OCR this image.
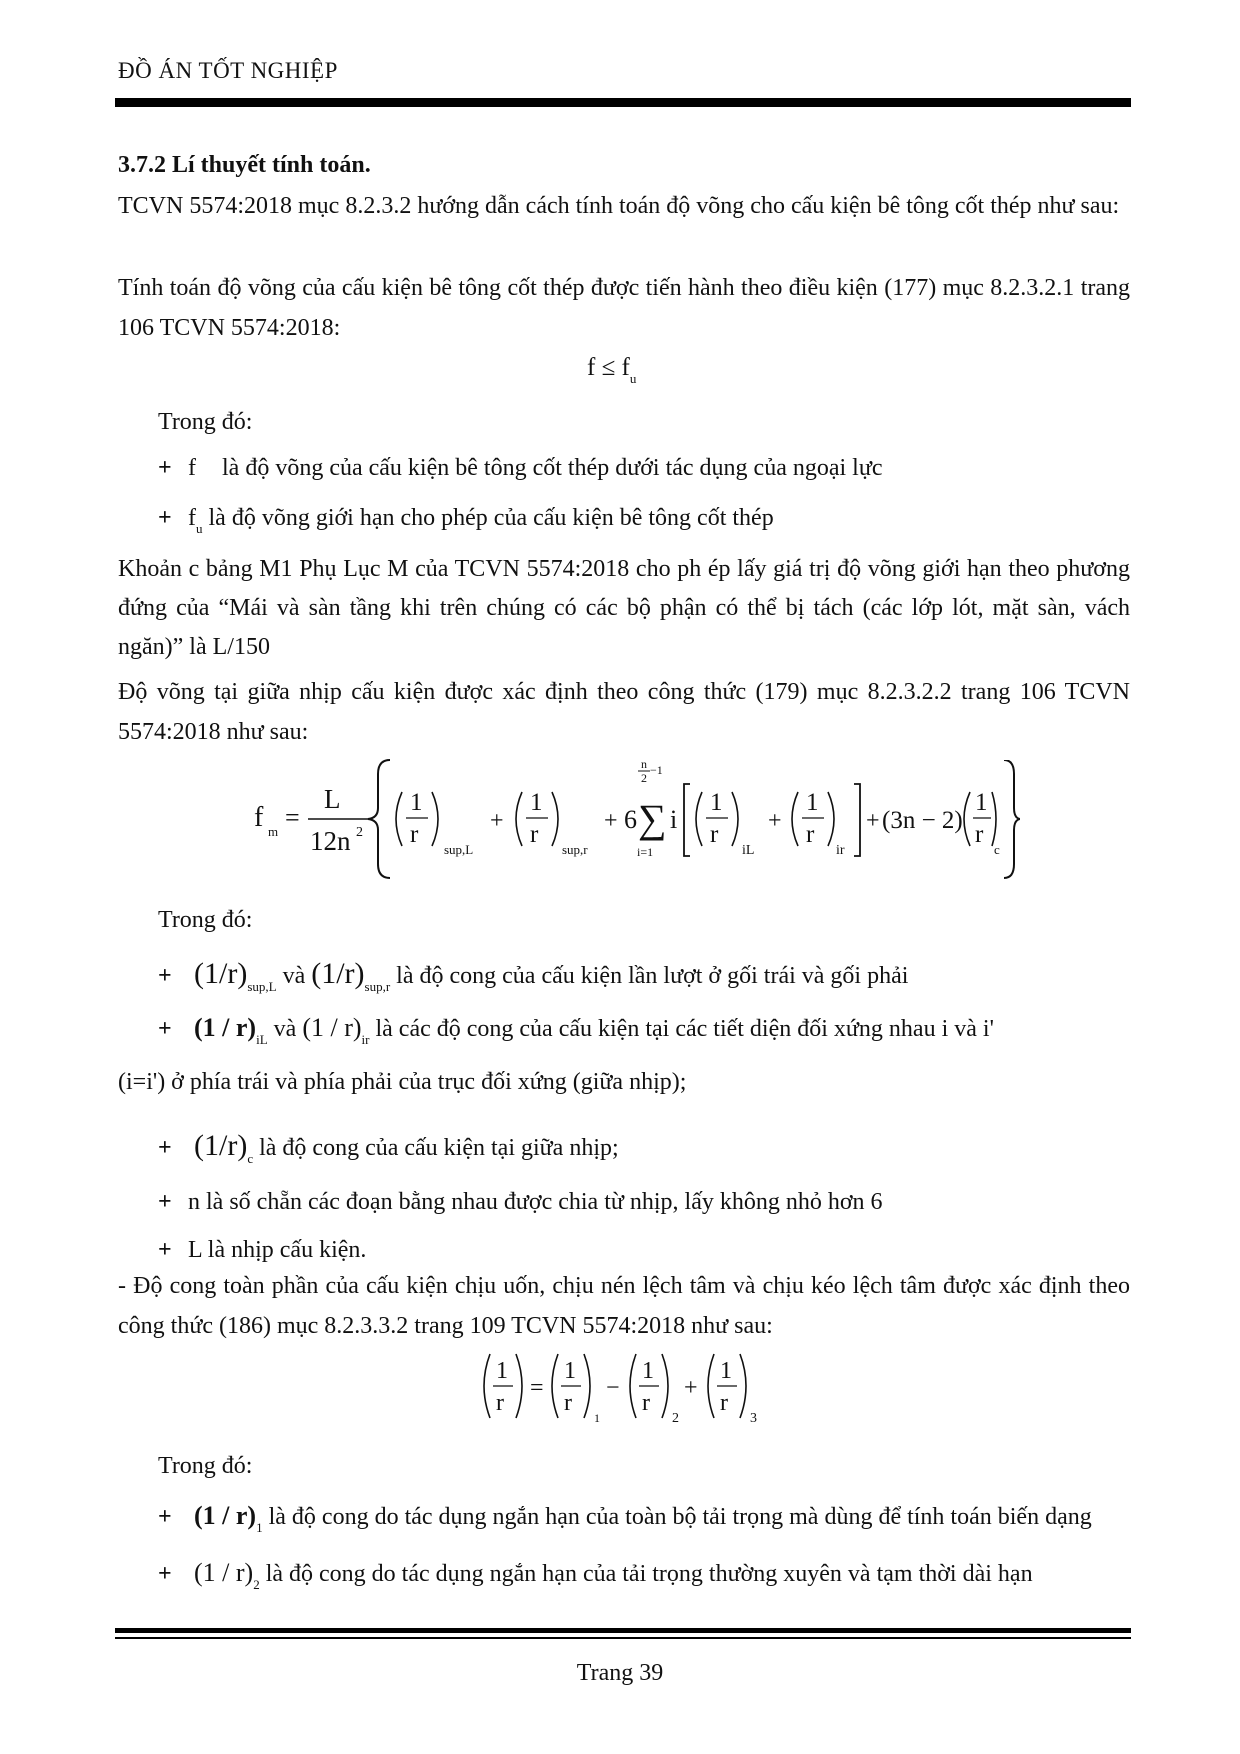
ĐỒ ÁN TỐT NGHIỆP
3.7.2 Lí thuyết tính toán.
TCVN 5574:2018 mục 8.2.3.2 hướng dẫn cách tính toán độ võng cho cấu kiện bê tông cốt thép như sau:
Tính toán độ võng của cấu kiện bê tông cốt thép được tiến hành theo điều kiện (177) mục 8.2.3.2.1 trang 106 TCVN 5574:2018:
$f \le f_u$
Trong đó:
+ f là độ võng của cấu kiện bê tông cốt thép dưới tác dụng của ngoại lực
+ $f_u$ là độ võng giới hạn cho phép của cấu kiện bê tông cốt thép
Khoản c bảng M1 Phụ Lục M của TCVN 5574:2018 cho ph ép lấy giá trị độ võng giới hạn theo phương đứng của “Mái và sàn tầng khi trên chúng có các bộ phận có thể bị tách (các lớp lót, mặt sàn, vách ngăn)” là L/150
Độ võng tại giữa nhịp cấu kiện được xác định theo công thức (179) mục 8.2.3.2.2 trang 106 TCVN 5574:2018 như sau:
f m =
L
12n 2
1
r
sup,L
+
1
r
sup,r
+ 6
n
2
−1
∑
i=1
i
1
r
iL
+
1
r
ir
+ (3n − 2)
1
r
c
Trong đó:
+ $(1/r)_{sup,L}$ và $(1/r)_{sup,r}$ là độ cong của cấu kiện lần lượt ở gối trái và gối phải
+ $(1 / r)_{iL}$ và $(1 / r)_{ir}$ là các độ cong của cấu kiện tại các tiết diện đối xứng nhau i và i'
(i=i') ở phía trái và phía phải của trục đối xứng (giữa nhịp);
+ $(1/r)_c$ là độ cong của cấu kiện tại giữa nhịp;
+ n là số chẵn các đoạn bằng nhau được chia từ nhịp, lấy không nhỏ hơn 6
+ L là nhịp cấu kiện.
- Độ cong toàn phần của cấu kiện chịu uốn, chịu nén lệch tâm và chịu kéo lệch tâm được xác định theo công thức (186) mục 8.2.3.3.2 trang 109 TCVN 5574:2018 như sau:
1
r
=
1
r
1
−
1
r
2
+
1
r
3
Trong đó:
+ $(1 / r)_1$ là độ cong do tác dụng ngắn hạn của toàn bộ tải trọng mà dùng để tính toán biến dạng
+ $(1 / r)_2$ là độ cong do tác dụng ngắn hạn của tải trọng thường xuyên và tạm thời dài hạn
Trang 39
